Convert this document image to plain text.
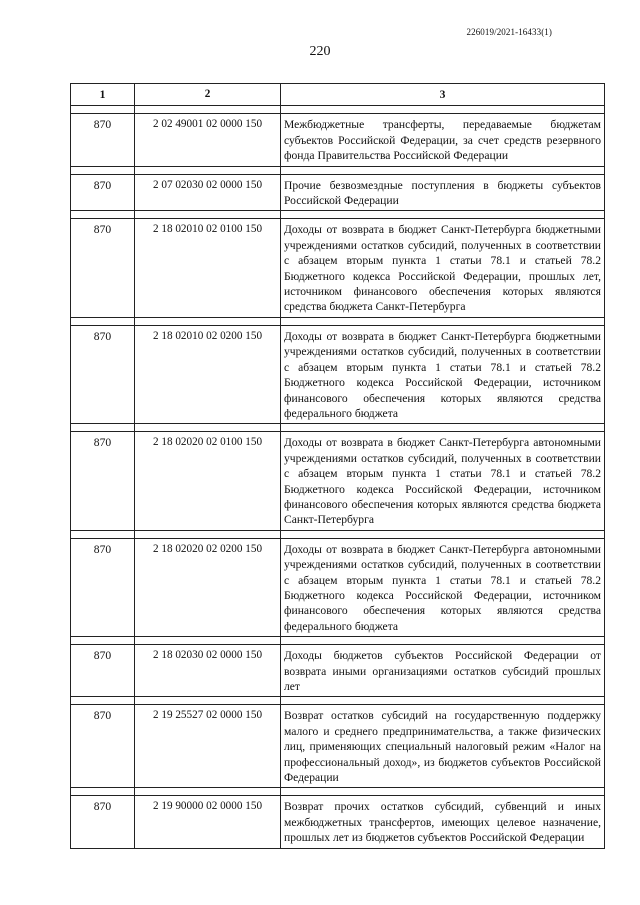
226019/2021-16433(1)
220
1	2	3

870	2 02 49001 02 0000 150	Межбюджетные трансферты, передаваемые бюджетам субъектов Российской Федерации, за счет средств резервного фонда Правительства Российской Федерации

870	2 07 02030 02 0000 150	Прочие безвозмездные поступления в бюджеты субъектов Российской Федерации

870	2 18 02010 02 0100 150	Доходы от возврата в бюджет Санкт-Петербурга бюджетными учреждениями остатков субсидий, полученных в соответствии с абзацем вторым пункта 1 статьи 78.1 и статьей 78.2 Бюджетного кодекса Российской Федерации, прошлых лет, источником финансового обеспечения которых являются средства бюджета Санкт-Петербурга

870	2 18 02010 02 0200 150	Доходы от возврата в бюджет Санкт-Петербурга бюджетными учреждениями остатков субсидий, полученных в соответствии с абзацем вторым пункта 1 статьи 78.1 и статьей 78.2 Бюджетного кодекса Российской Федерации, источником финансового обеспечения которых являются средства федерального бюджета

870	2 18 02020 02 0100 150	Доходы от возврата в бюджет Санкт-Петербурга автономными учреждениями остатков субсидий, полученных в соответствии с абзацем вторым пункта 1 статьи 78.1 и статьей 78.2 Бюджетного кодекса Российской Федерации, источником финансового обеспечения которых являются средства бюджета Санкт-Петербурга

870	2 18 02020 02 0200 150	Доходы от возврата в бюджет Санкт-Петербурга автономными учреждениями остатков субсидий, полученных в соответствии с абзацем вторым пункта 1 статьи 78.1 и статьей 78.2 Бюджетного кодекса Российской Федерации, источником финансового обеспечения которых являются средства федерального бюджета

870	2 18 02030 02 0000 150	Доходы бюджетов субъектов Российской Федерации от возврата иными организациями остатков субсидий прошлых лет

870	2 19 25527 02 0000 150	Возврат остатков субсидий на государственную поддержку малого и среднего предпринимательства, а также физических лиц, применяющих специальный налоговый режим «Налог на профессиональный доход», из бюджетов субъектов Российской Федерации

870	2 19 90000 02 0000 150	Возврат прочих остатков субсидий, субвенций и иных межбюджетных трансфертов, имеющих целевое назначение, прошлых лет из бюджетов субъектов Российской Федерации
